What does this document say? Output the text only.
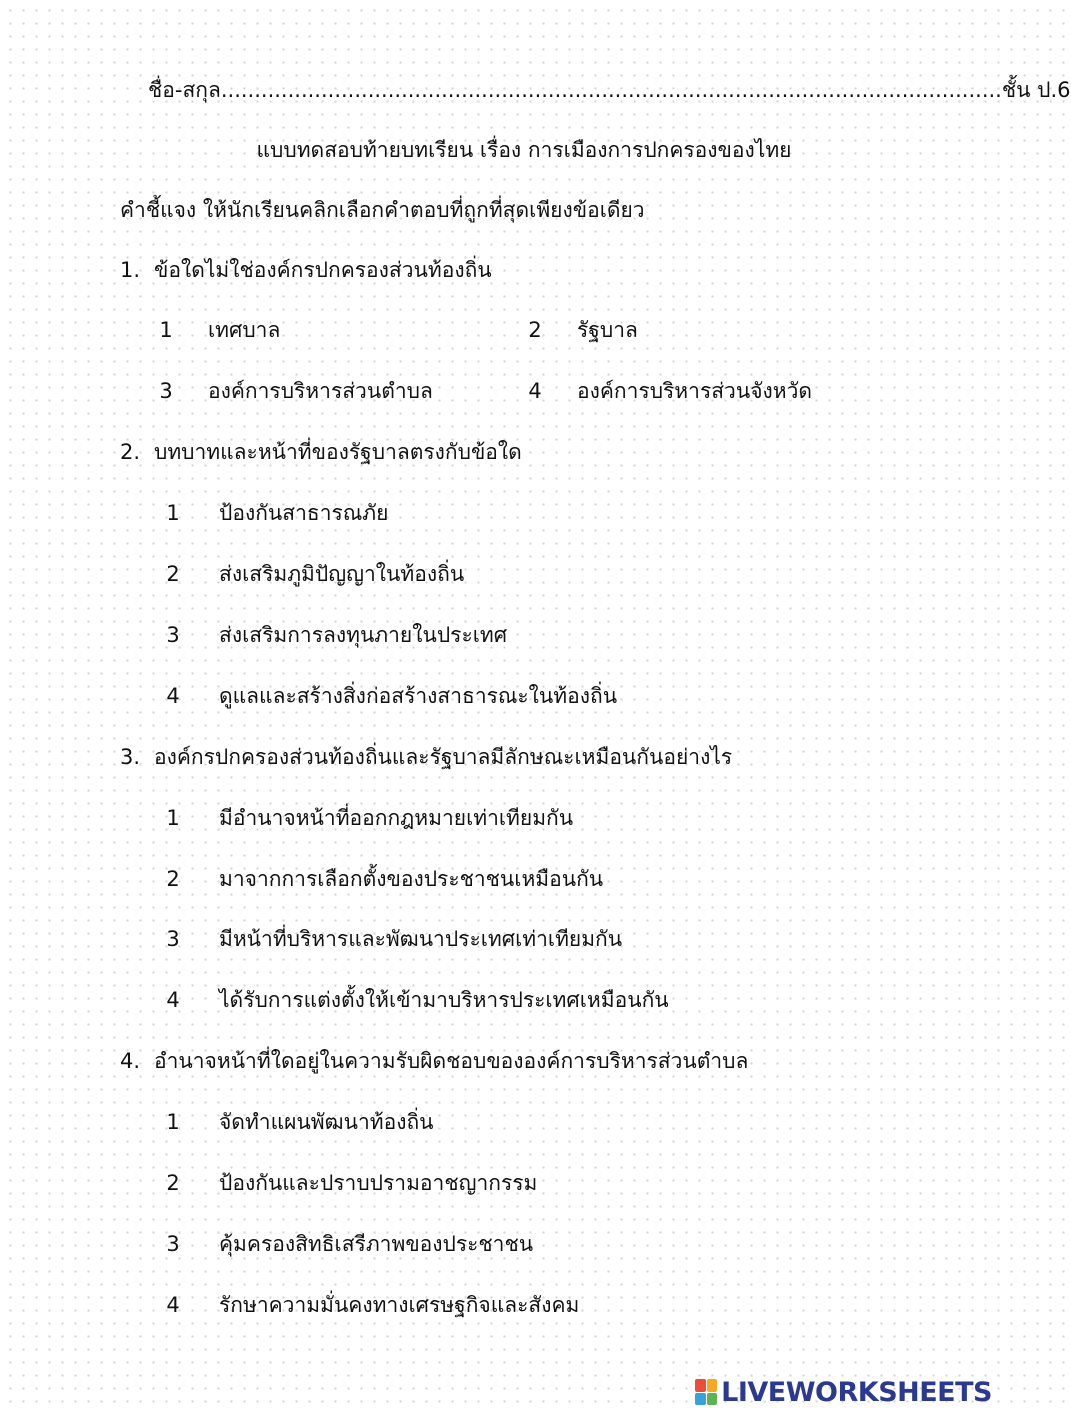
ชื่อ-สกุล..................................................................................................................... ชั้น ป.6
แบบทดสอบท้ายบทเรียน เรื่อง การเมืองการปกครองของไทย
คำชี้แจง ให้นักเรียนคลิกเลือกคำตอบที่ถูกที่สุดเพียงข้อเดียว
1. ข้อใดไม่ใช่องค์กรปกครองส่วนท้องถิ่น
1 เทศบาล	2 รัฐบาล
3 องค์การบริหารส่วนตำบล	4 องค์การบริหารส่วนจังหวัด
2. บทบาทและหน้าที่ของรัฐบาลตรงกับข้อใด
1 ป้องกันสาธารณภัย
2 ส่งเสริมภูมิปัญญาในท้องถิ่น
3 ส่งเสริมการลงทุนภายในประเทศ
4 ดูแลและสร้างสิ่งก่อสร้างสาธารณะในท้องถิ่น
3. องค์กรปกครองส่วนท้องถิ่นและรัฐบาลมีลักษณะเหมือนกันอย่างไร
1 มีอำนาจหน้าที่ออกกฎหมายเท่าเทียมกัน
2 มาจากการเลือกตั้งของประชาชนเหมือนกัน
3 มีหน้าที่บริหารและพัฒนาประเทศเท่าเทียมกัน
4 ได้รับการแต่งตั้งให้เข้ามาบริหารประเทศเหมือนกัน
4. อำนาจหน้าที่ใดอยู่ในความรับผิดชอบขององค์การบริหารส่วนตำบล
1 จัดทำแผนพัฒนาท้องถิ่น
2 ป้องกันและปราบปรามอาชญากรรม
3 คุ้มครองสิทธิเสรีภาพของประชาชน
4 รักษาความมั่นคงทางเศรษฐกิจและสังคม
LIVEWORKSHEETS
